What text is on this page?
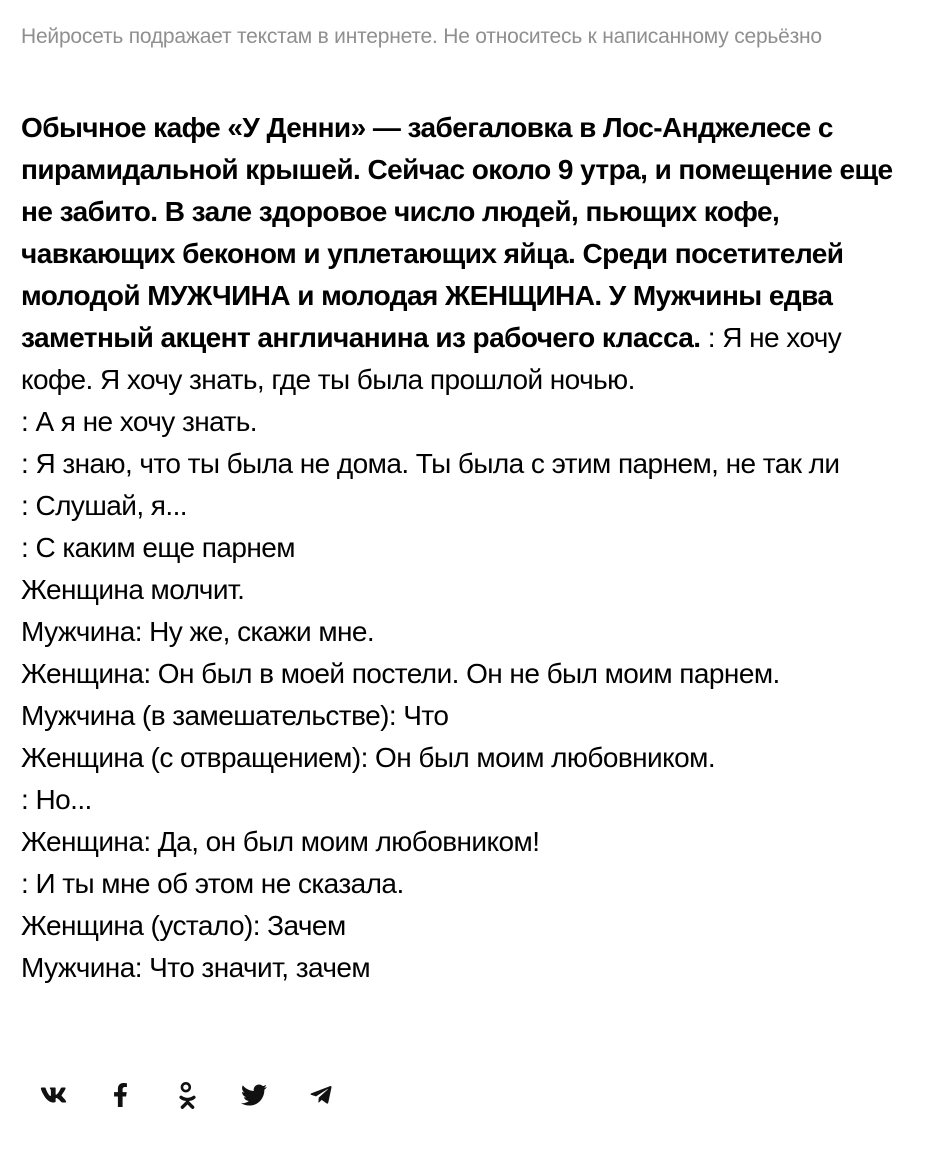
Нейросеть подражает текстам в интернете. Не относитесь к написанному серьёзно

Обычное кафе «У Денни» — забегаловка в Лос-Анджелесе с пирамидальной крышей. Сейчас около 9 утра, и помещение еще не забито. В зале здоровое число людей, пьющих кофе, чавкающих беконом и уплетающих яйца. Среди посетителей молодой МУЖЧИНА и молодая ЖЕНЩИНА. У Мужчины едва заметный акцент англичанина из рабочего класса. : Я не хочу кофе. Я хочу знать, где ты была прошлой ночью.

: А я не хочу знать.

: Я знаю, что ты была не дома. Ты была с этим парнем, не так ли

: Слушай, я...

: С каким еще парнем

Женщина молчит.

Мужчина: Ну же, скажи мне.

Женщина: Он был в моей постели. Он не был моим парнем.

Мужчина (в замешательстве): Что

Женщина (с отвращением): Он был моим любовником.

: Но...

Женщина: Да, он был моим любовником!

: И ты мне об этом не сказала.

Женщина (устало): Зачем

Мужчина: Что значит, зачем
